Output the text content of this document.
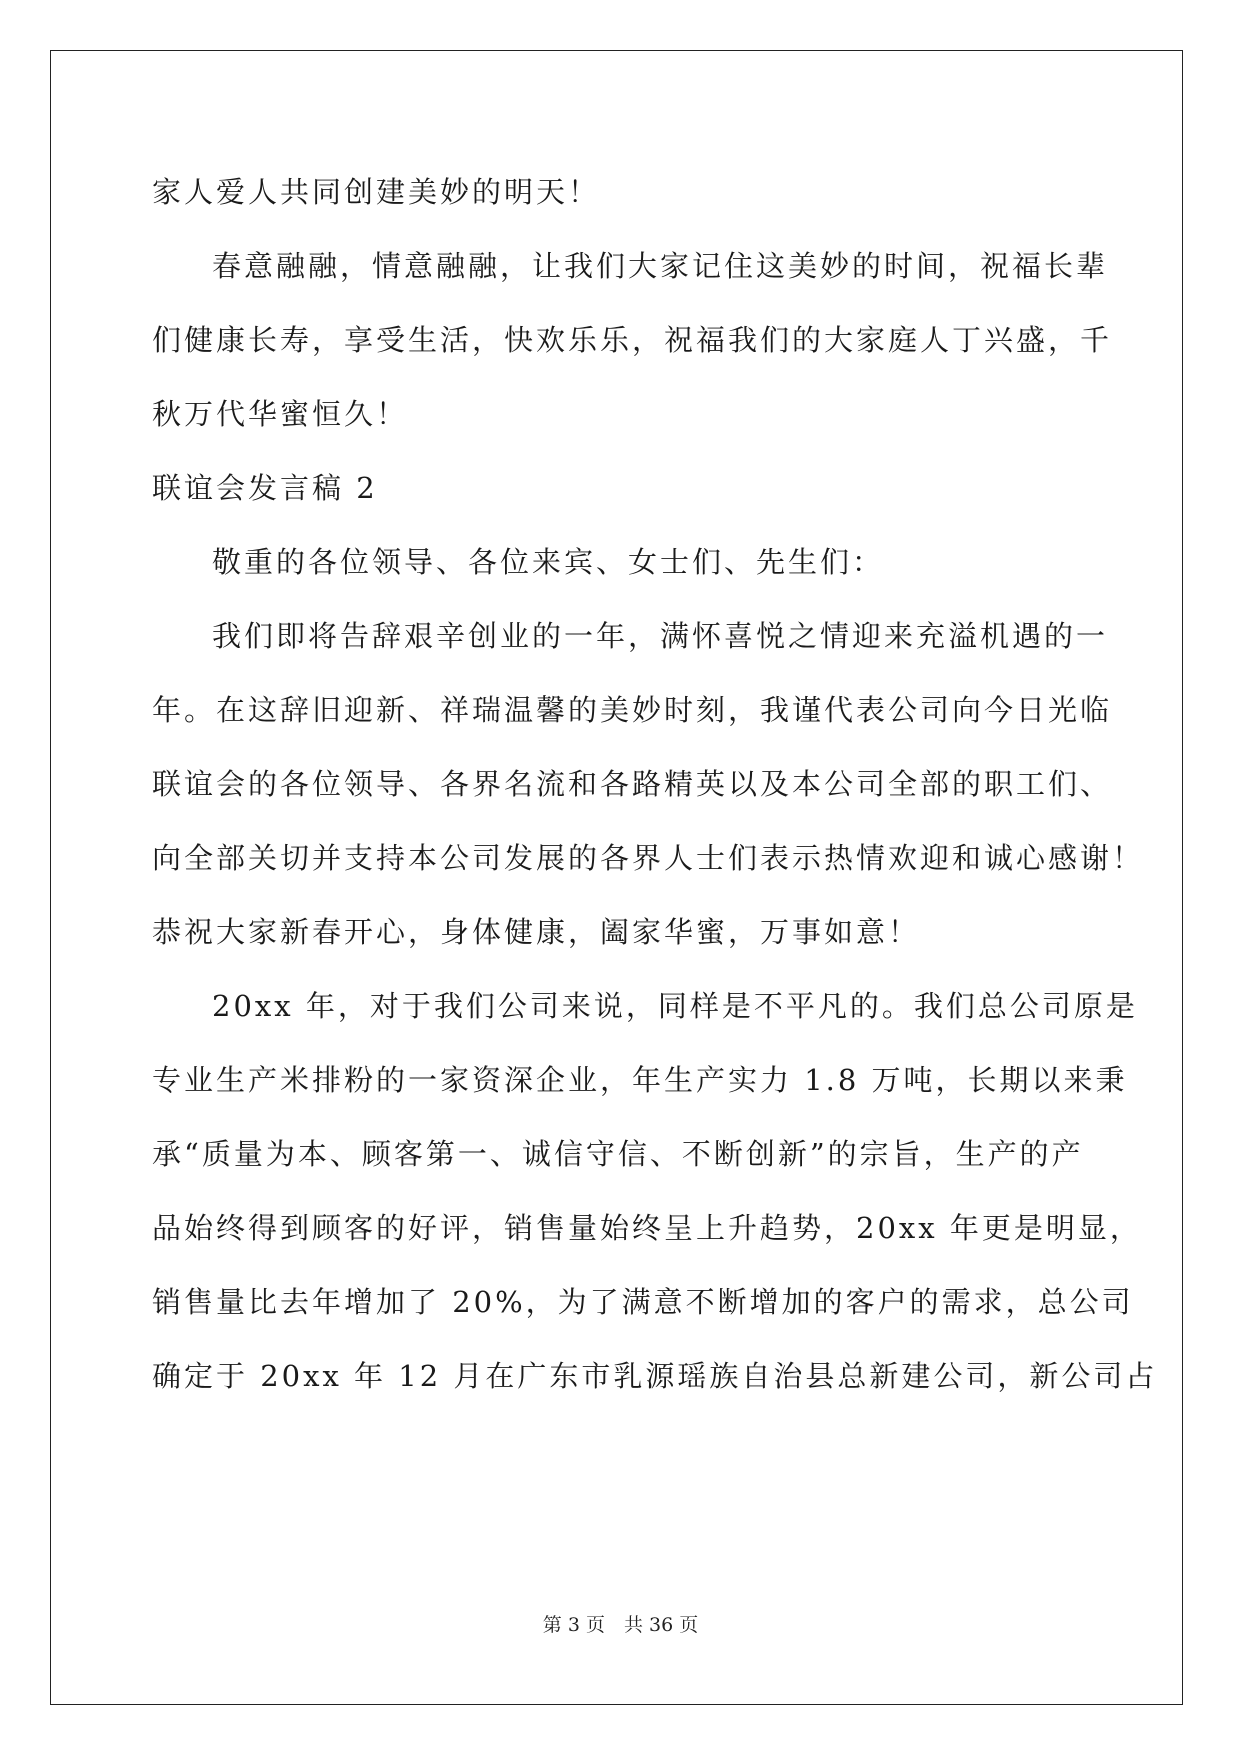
家人爱人共同创建美妙的明天！
春意融融，情意融融，让我们大家记住这美妙的时间，祝福长辈
们健康长寿，享受生活，快欢乐乐，祝福我们的大家庭人丁兴盛，千
秋万代华蜜恒久！
联谊会发言稿 2
敬重的各位领导、各位来宾、女士们、先生们：
我们即将告辞艰辛创业的一年，满怀喜悦之情迎来充溢机遇的一
年。在这辞旧迎新、祥瑞温馨的美妙时刻，我谨代表公司向今日光临
联谊会的各位领导、各界名流和各路精英以及本公司全部的职工们、
向全部关切并支持本公司发展的各界人士们表示热情欢迎和诚心感谢！
恭祝大家新春开心，身体健康，阖家华蜜，万事如意！
20xx 年，对于我们公司来说，同样是不平凡的。我们总公司原是
专业生产米排粉的一家资深企业，年生产实力 1.8 万吨，长期以来秉
承“质量为本、顾客第一、诚信守信、不断创新”的宗旨，生产的产
品始终得到顾客的好评，销售量始终呈上升趋势，20xx 年更是明显，
销售量比去年增加了 20%，为了满意不断增加的客户的需求，总公司
确定于 20xx 年 12 月在广东市乳源瑶族自治县总新建公司，新公司占
第 3 页　共 36 页
